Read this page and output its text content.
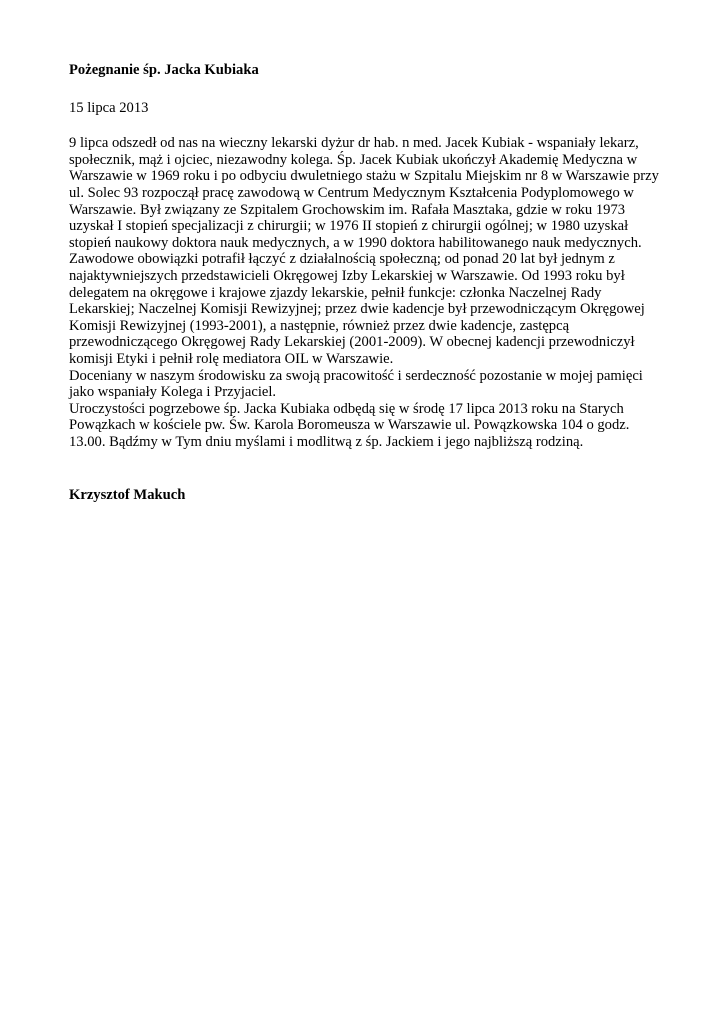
Pożegnanie śp. Jacka Kubiaka

15 lipca 2013

9 lipca odszedł od nas na wieczny lekarski dyżur dr hab. n med. Jacek Kubiak - wspaniały lekarz, społecznik, mąż i ojciec, niezawodny kolega. Śp. Jacek Kubiak ukończył Akademię Medyczna w Warszawie w 1969 roku i po odbyciu dwuletniego stażu w Szpitalu Miejskim nr 8 w Warszawie przy ul. Solec 93 rozpoczął pracę zawodową w Centrum Medycznym Kształcenia Podyplomowego w Warszawie. Był związany ze Szpitalem Grochowskim im. Rafała Masztaka, gdzie w roku 1973 uzyskał I stopień specjalizacji z chirurgii; w 1976 II stopień z chirurgii ogólnej; w 1980 uzyskał stopień naukowy doktora nauk medycznych, a w 1990 doktora habilitowanego nauk medycznych. Zawodowe obowiązki potrafił łączyć z działalnością społeczną; od ponad 20 lat był jednym z najaktywniejszych przedstawicieli Okręgowej Izby Lekarskiej w Warszawie. Od 1993 roku był delegatem na okręgowe i krajowe zjazdy lekarskie, pełnił funkcje: członka Naczelnej Rady Lekarskiej; Naczelnej Komisji Rewizyjnej; przez dwie kadencje był przewodniczącym Okręgowej Komisji Rewizyjnej (1993-2001), a następnie, również przez dwie kadencje, zastępcą przewodniczącego Okręgowej Rady Lekarskiej (2001-2009). W obecnej kadencji przewodniczył komisji Etyki i pełnił rolę mediatora OIL w Warszawie.

Doceniany w naszym środowisku za swoją pracowitość i serdeczność pozostanie w mojej pamięci jako wspaniały Kolega i Przyjaciel.

Uroczystości pogrzebowe śp. Jacka Kubiaka odbędą się w środę 17 lipca 2013 roku na Starych Powązkach w kościele pw. Św. Karola Boromeusza w Warszawie ul. Powązkowska 104 o godz. 13.00. Bądźmy w Tym dniu myślami i modlitwą z śp. Jackiem i jego najbliższą rodziną.

Krzysztof Makuch
